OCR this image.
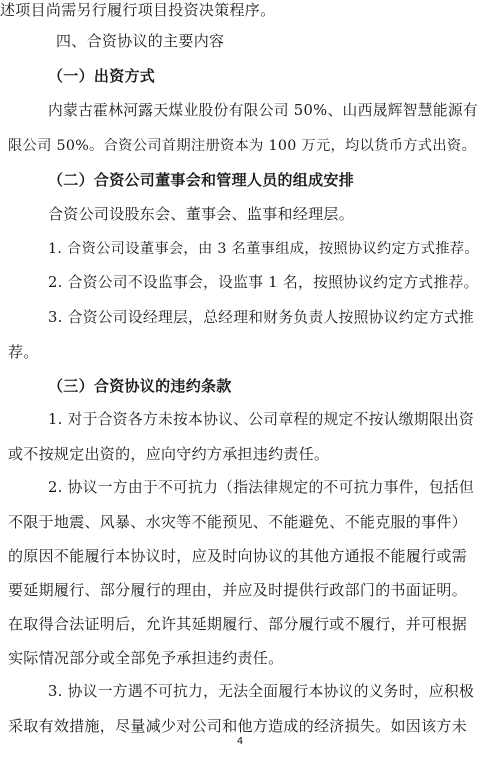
述项目尚需另行履行项目投资决策程序。
四、合资协议的主要内容
（一）出资方式
内蒙古霍林河露天煤业股份有限公司 50%、山西晟辉智慧能源有
限公司 50%。合资公司首期注册资本为 100 万元，均以货币方式出资。
（二）合资公司董事会和管理人员的组成安排
合资公司设股东会、董事会、监事和经理层。
1. 合资公司设董事会，由 3 名董事组成，按照协议约定方式推荐。
2. 合资公司不设监事会，设监事 1 名，按照协议约定方式推荐。
3. 合资公司设经理层，总经理和财务负责人按照协议约定方式推
荐。
（三）合资协议的违约条款
1. 对于合资各方未按本协议、公司章程的规定不按认缴期限出资
或不按规定出资的，应向守约方承担违约责任。
2. 协议一方由于不可抗力（指法律规定的不可抗力事件，包括但
不限于地震、风暴、水灾等不能预见、不能避免、不能克服的事件）
的原因不能履行本协议时，应及时向协议的其他方通报不能履行或需
要延期履行、部分履行的理由，并应及时提供行政部门的书面证明。
在取得合法证明后，允许其延期履行、部分履行或不履行，并可根据
实际情况部分或全部免予承担违约责任。
3. 协议一方遇不可抗力，无法全面履行本协议的义务时，应积极
采取有效措施，尽量减少对公司和他方造成的经济损失。如因该方未
4
